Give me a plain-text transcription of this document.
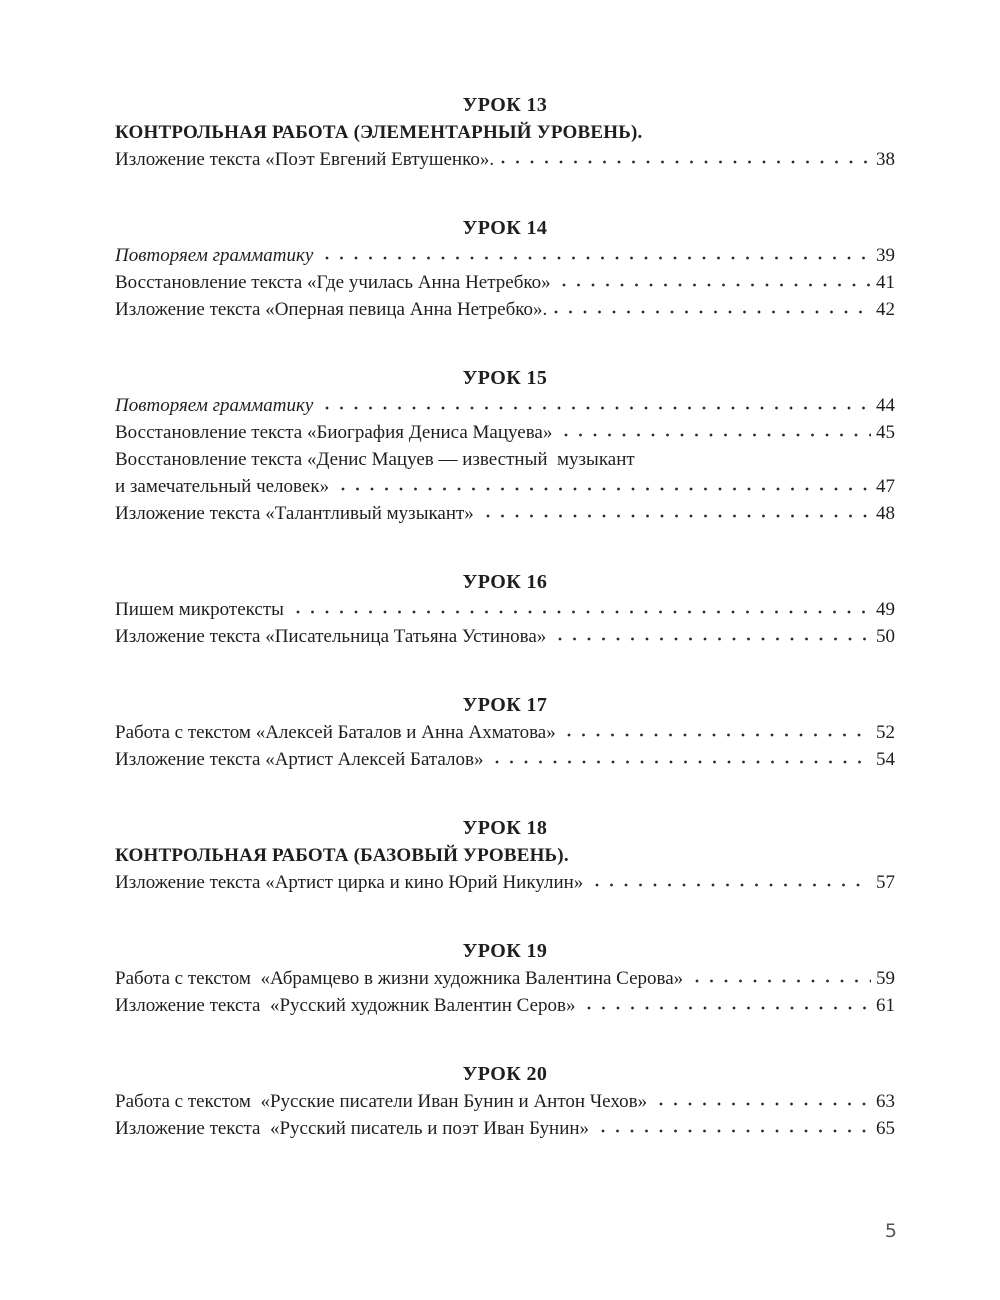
УРОК 13
КОНТРОЛЬНАЯ РАБОТА (ЭЛЕМЕНТАРНЫЙ УРОВЕНЬ).
Изложение текста «Поэт Евгений Евтушенко».	38
УРОК 14
Повторяем грамматику	39
Восстановление текста «Где училась Анна Нетребко»	41
Изложение текста «Оперная певица Анна Нетребко».	42
УРОК 15
Повторяем грамматику	44
Восстановление текста «Биография Дениса Мацуева»	45
Восстановление текста «Денис Мацуев — известный  музыкант
и замечательный человек»	47
Изложение текста «Талантливый музыкант»	48
УРОК 16
Пишем микротексты	49
Изложение текста «Писательница Татьяна Устинова»	50
УРОК 17
Работа с текстом «Алексей Баталов и Анна Ахматова»	52
Изложение текста «Артист Алексей Баталов»	54
УРОК 18
КОНТРОЛЬНАЯ РАБОТА (БАЗОВЫЙ УРОВЕНЬ).
Изложение текста «Артист цирка и кино Юрий Никулин»	57
УРОК 19
Работа с текстом  «Абрамцево в жизни художника Валентина Серова»	59
Изложение текста  «Русский художник Валентин Серов»	61
УРОК 20
Работа с текстом  «Русские писатели Иван Бунин и Антон Чехов»	63
Изложение текста  «Русский писатель и поэт Иван Бунин»	65
5
